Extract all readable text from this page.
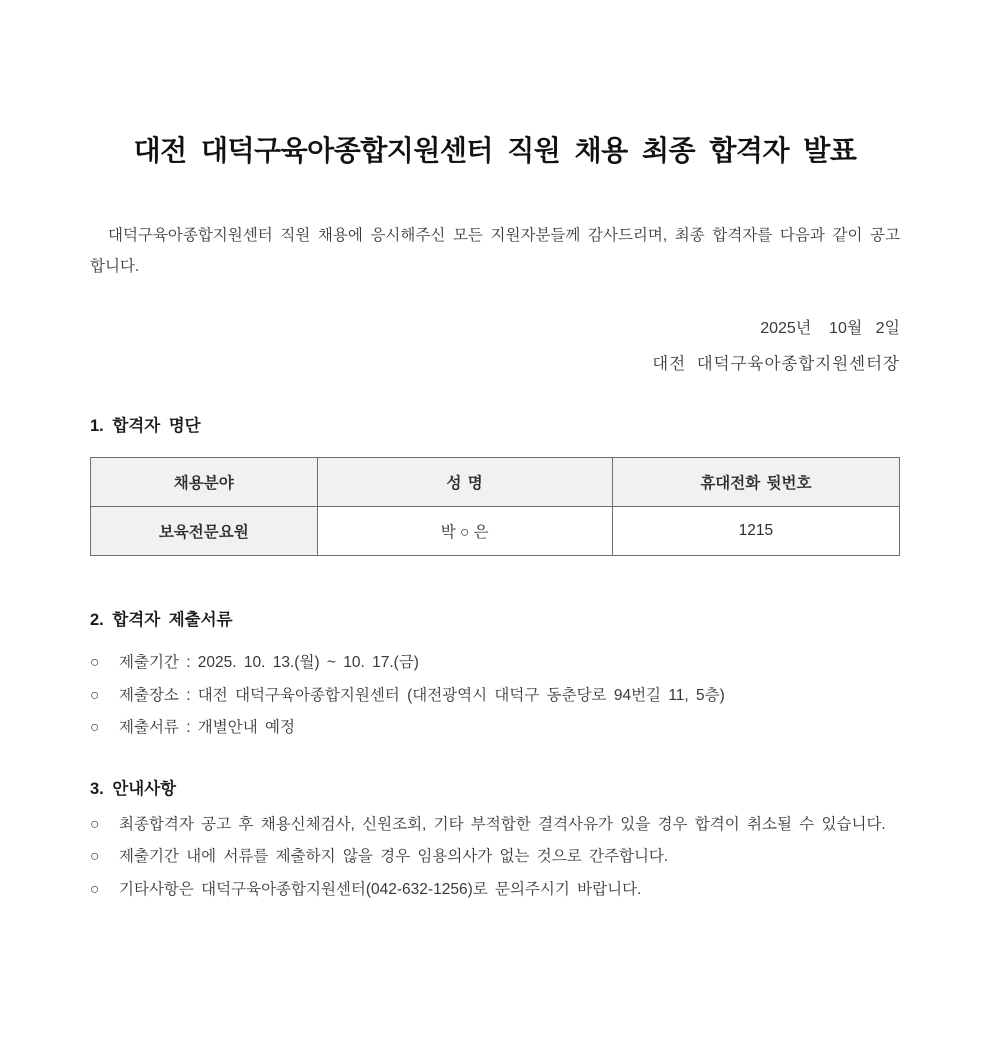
대전 대덕구육아종합지원센터 직원 채용 최종 합격자 발표

대덕구육아종합지원센터 직원 채용에 응시해주신 모든 지원자분들께 감사드리며, 최종 합격자를 다음과 같이 공고합니다.

2025년    10월   2일

대전 대덕구육아종합지원센터장

1. 합격자 명단
채용분야	성 명	휴대전화 뒷번호
보육전문요원	박 ○ 은	1215
2. 합격자 제출서류
○ 제출기간 : 2025. 10. 13.(월) ~ 10. 17.(금)
○ 제출장소 : 대전 대덕구육아종합지원센터 (대전광역시 대덕구 동춘당로 94번길 11, 5층)
○ 제출서류 : 개별안내 예정
3. 안내사항
○ 최종합격자 공고 후 채용신체검사, 신원조회, 기타 부적합한 결격사유가 있을 경우 합격이 취소될 수 있습니다.
○ 제출기간 내에 서류를 제출하지 않을 경우 임용의사가 없는 것으로 간주합니다.
○ 기타사항은 대덕구육아종합지원센터(042-632-1256)로 문의주시기 바랍니다.
